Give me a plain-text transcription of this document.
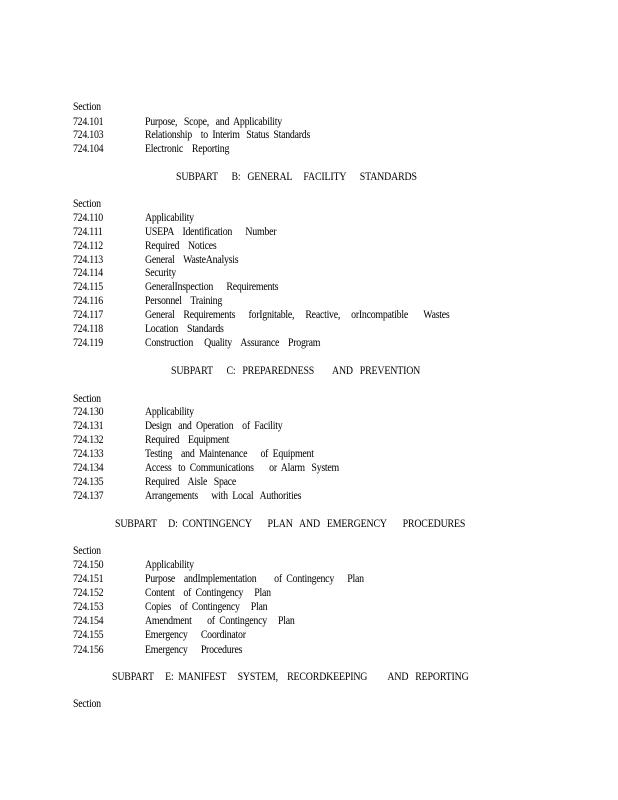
Section
724.101	Purpose,   Scope,   and  Applicability
724.103	Relationship    to  Interim   Status  Standards
724.104	Electronic    Reporting
SUBPART      B:   GENERAL     FACILITY      STANDARDS
Section
724.110	Applicability
724.111	USEPA    Identification      Number
724.112	Required    Notices
724.113	General    WasteAnalysis
724.114	Security
724.115	GeneralInspection      Requirements
724.116	Personnel    Training
724.117	General    Requirements      forIgnitable,     Reactive,     orIncompatible       Wastes
724.118	Location    Standards
724.119	Construction     Quality    Assurance    Program
SUBPART      C:   PREPAREDNESS        AND   PREVENTION
Section
724.130	Applicability
724.131	Design   and  Operation    of  Facility
724.132	Required    Equipment
724.133	Testing    and  Maintenance      of  Equipment
724.134	Access   to  Communications       or  Alarm   System
724.135	Required    Aisle   Space
724.137	Arrangements      with  Local   Authorities
SUBPART     D:  CONTINGENCY       PLAN   AND   EMERGENCY       PROCEDURES
Section
724.150	Applicability
724.151	Purpose    andImplementation        of  Contingency      Plan
724.152	Content    of  Contingency     Plan
724.153	Copies    of  Contingency     Plan
724.154	Amendment       of  Contingency     Plan
724.155	Emergency      Coordinator
724.156	Emergency      Procedures
SUBPART     E:  MANIFEST     SYSTEM,    RECORDKEEPING         AND   REPORTING
Section
